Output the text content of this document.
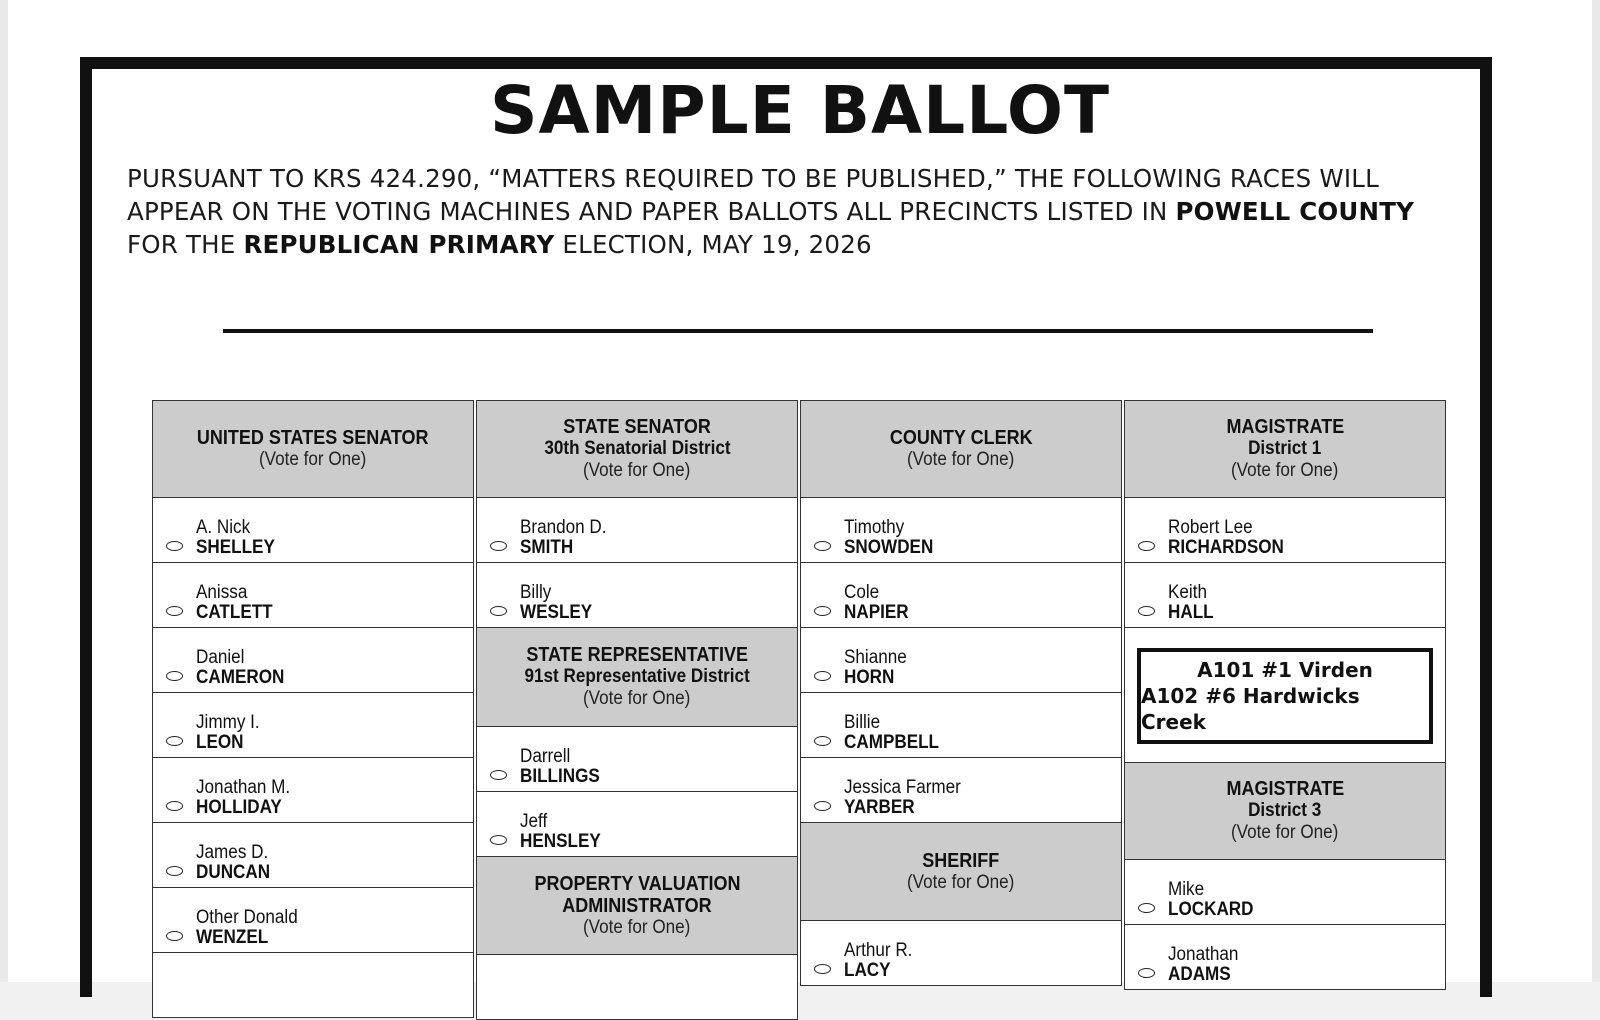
SAMPLE BALLOT
PURSUANT TO KRS 424.290, “MATTERS REQUIRED TO BE PUBLISHED,” THE FOLLOWING RACES WILL APPEAR ON THE VOTING MACHINES AND PAPER BALLOTS ALL PRECINCTS LISTED IN POWELL COUNTY FOR THE REPUBLICAN PRIMARY ELECTION, MAY 19, 2026
UNITED STATES SENATOR
(Vote for One)
A. Nick
SHELLEY
Anissa
CATLETT
Daniel
CAMERON
Jimmy I.
LEON
Jonathan M.
HOLLIDAY
James D.
DUNCAN
Other Donald
WENZEL
STATE SENATOR
30th Senatorial District
(Vote for One)
Brandon D.
SMITH
Billy
WESLEY
STATE REPRESENTATIVE
91st Representative District
(Vote for One)
Darrell
BILLINGS
Jeff
HENSLEY
PROPERTY VALUATION
ADMINISTRATOR
(Vote for One)
COUNTY CLERK
(Vote for One)
Timothy
SNOWDEN
Cole
NAPIER
Shianne
HORN
Billie
CAMPBELL
Jessica Farmer
YARBER
SHERIFF
(Vote for One)
Arthur R.
LACY
MAGISTRATE
District 1
(Vote for One)
Robert Lee
RICHARDSON
Keith
HALL
A101 #1 Virden
A102 #6 Hardwicks Creek
MAGISTRATE
District 3
(Vote for One)
Mike
LOCKARD
Jonathan
ADAMS
